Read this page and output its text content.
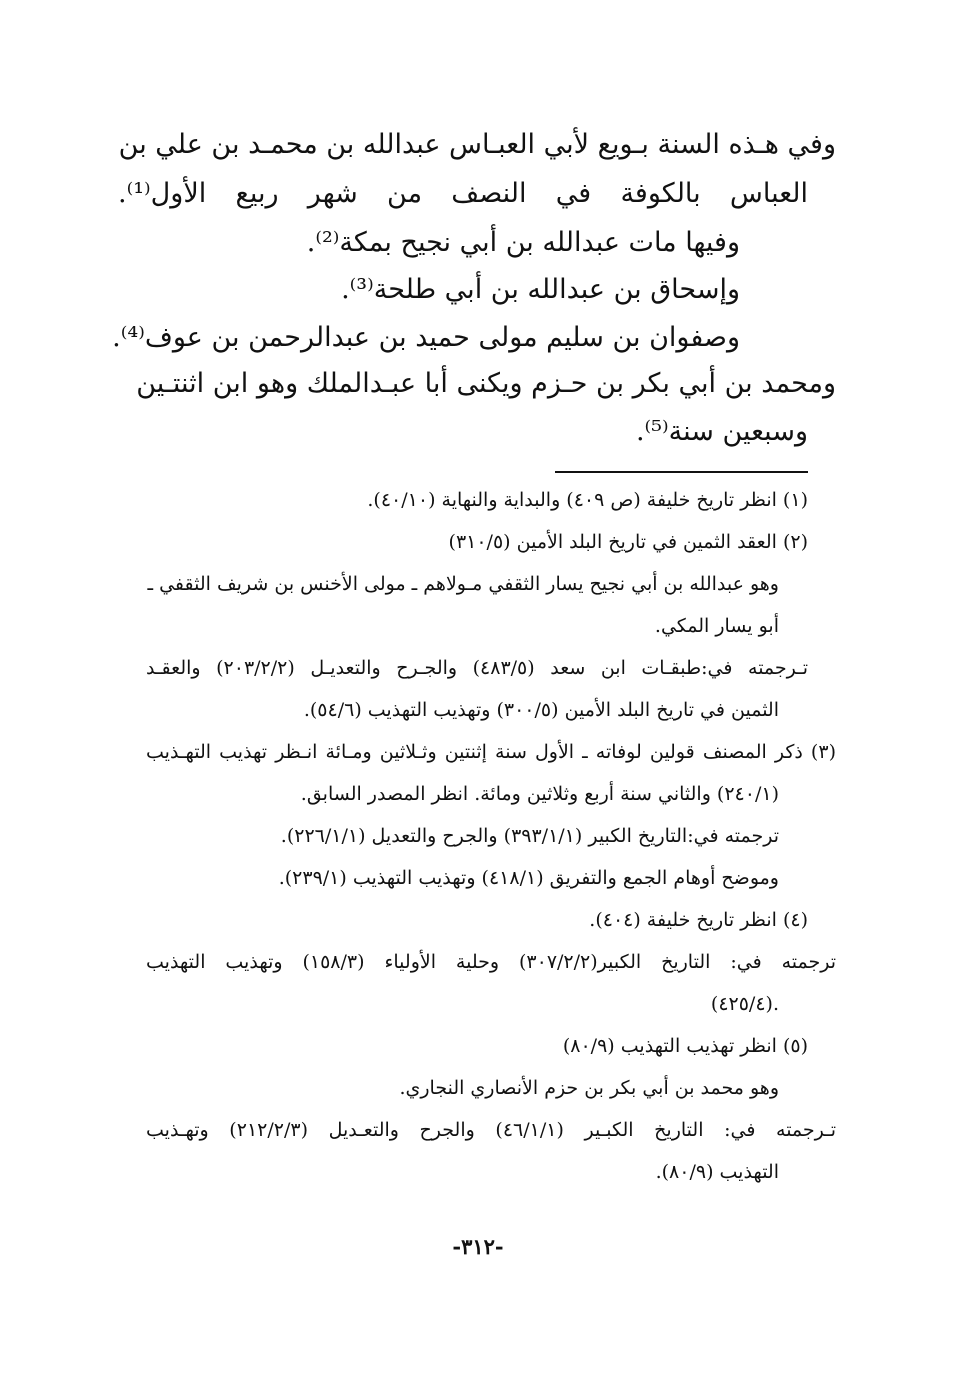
وفي هـذه السنة بـويع لأبي العبـاس عبدالله بن محمـد بن علي بن
العباس بالكوفة في النصف من شهر ربيع الأول⁽¹⁾.
وفيها مات عبدالله بن أبي نجيح بمكة⁽²⁾.
وإسحاق بن عبدالله بن أبي طلحة⁽³⁾.
وصفوان بن سليم مولى حميد بن عبدالرحمن بن عوف⁽⁴⁾.
ومحمد بن أبي بكر بن حـزم ويكنى أبا عبـدالملك وهو ابن اثنتـين
وسبعين سنة⁽⁵⁾.
(١) انظر تاريخ خليفة (ص ٤٠٩) والبداية والنهاية (٤٠/١٠).
(٢) العقد الثمين في تاريخ البلد الأمين (٣١٠/٥)
وهو عبدالله بن أبي نجيح يسار الثقفي مـولاهم ـ مولى الأخنس بن شريف الثقفي ـ
أبو يسار المكي.
تـرجمته في:طبقـات ابن سعد (٤٨٣/٥) والجـرح والتعديـل (٢٠٣/٢/٢) والعقـد
الثمين في تاريخ البلد الأمين (٣٠٠/٥) وتهذيب التهذيب (٥٤/٦).
(٣) ذكر المصنف قولين لوفاته ـ الأول سنة إثنتين وثـلاثين ومـائة انـظر تهذيب التهـذيب
(٢٤٠/١) والثاني سنة أربع وثلاثين ومائة. انظر المصدر السابق.
ترجمته في:التاريخ الكبير (٣٩٣/١/١) والجرح والتعديل (٢٢٦/١/١).
وموضح أوهام الجمع والتفريق (٤١٨/١) وتهذيب التهذيب (٢٣٩/١).
(٤) انظر تاريخ خليفة (٤٠٤).
ترجمته في: التاريخ الكبير(٣٠٧/٢/٢) وحلية الأولياء (١٥٨/٣) وتهذيب التهذيب
(٤٢٥/٤).
(٥) انظر تهذيب التهذيب (٨٠/٩)
وهو محمد بن أبي بكر بن حزم الأنصاري النجاري.
تـرجمته في: التاريخ الكبـير (٤٦/١/١) والجرح والتعـديل (٢١٢/٢/٣) وتهـذيب
التهذيب (٨٠/٩).
-٣١٢-
